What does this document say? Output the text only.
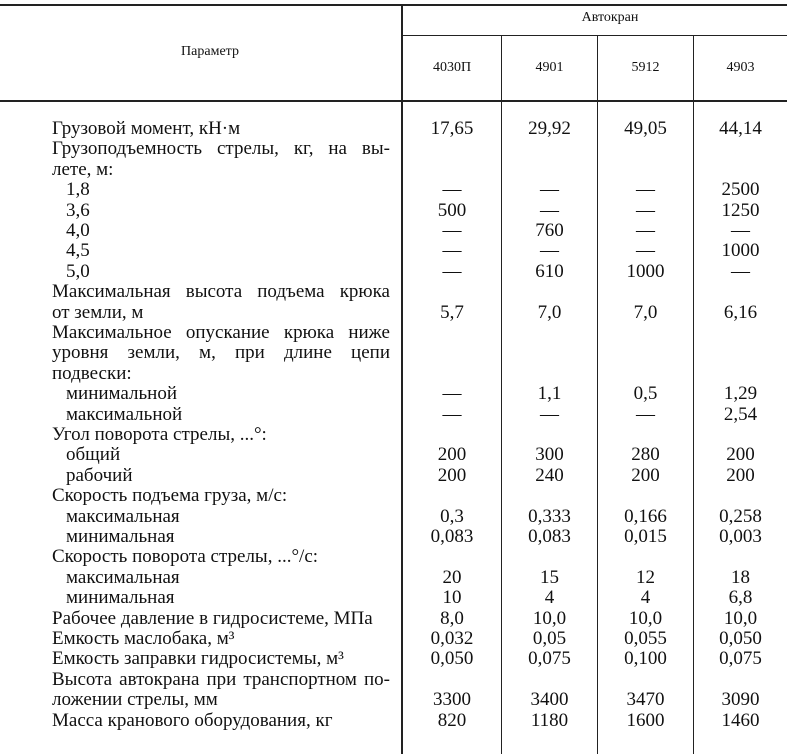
Параметр
Автокран
4030П	4901	5912	4903
Грузовой момент, кН·м	17,65	29,92	49,05	44,14
Грузоподъемность стрелы, кг, на вы-
лете, м:
1,8	—	—	—	2500
3,6	500	—	—	1250
4,0	—	760	—	—
4,5	—	—	—	1000
5,0	—	610	1000	—
Максимальная высота подъема крюка
от земли, м	5,7	7,0	7,0	6,16
Максимальное опускание крюка ниже
уровня земли, м, при длине цепи
подвески:
минимальной	—	1,1	0,5	1,29
максимальной	—	—	—	2,54
Угол поворота стрелы, ...°:
общий	200	300	280	200
рабочий	200	240	200	200
Скорость подъема груза, м/с:
максимальная	0,3	0,333	0,166	0,258
минимальная	0,083	0,083	0,015	0,003
Скорость поворота стрелы, ...°/с:
максимальная	20	15	12	18
минимальная	10	4	4	6,8
Рабочее давление в гидросистеме, МПа	8,0	10,0	10,0	10,0
Емкость маслобака, м³	0,032	0,05	0,055	0,050
Емкость заправки гидросистемы, м³	0,050	0,075	0,100	0,075
Высота автокрана при транспортном по-
ложении стрелы, мм	3300	3400	3470	3090
Масса кранового оборудования, кг	820	1180	1600	1460
